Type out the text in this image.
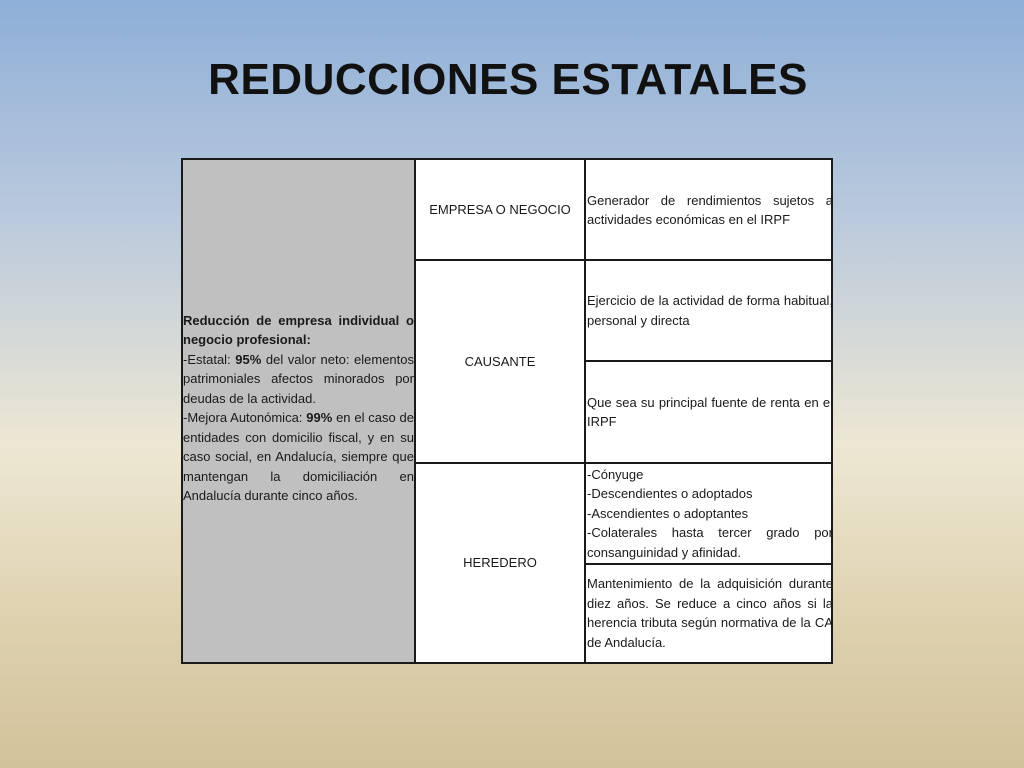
REDUCCIONES ESTATALES

Reducción de empresa individual o negocio profesional:

-Estatal: 95% del valor neto: elementos patrimoniales afectos minorados por deudas de la actividad.

-Mejora Autonómica: 99% en el caso de entidades con domicilio fiscal, y en su caso social, en Andalucía, siempre que mantengan la domiciliación en Andalucía durante cinco años.

EMPRESA O NEGOCIO
CAUSANTE
HEREDERO

Generador de rendimientos sujetos a actividades económicas en el IRPF

Ejercicio de la actividad de forma habitual, personal y directa

Que sea su principal fuente de renta en el IRPF

-Cónyuge
-Descendientes o adoptados
-Ascendientes o adoptantes

-Colaterales hasta tercer grado por consanguinidad y afinidad.

Mantenimiento de la adquisición durante diez años. Se reduce a cinco años si la herencia tributa según normativa de la CA de Andalucía.
